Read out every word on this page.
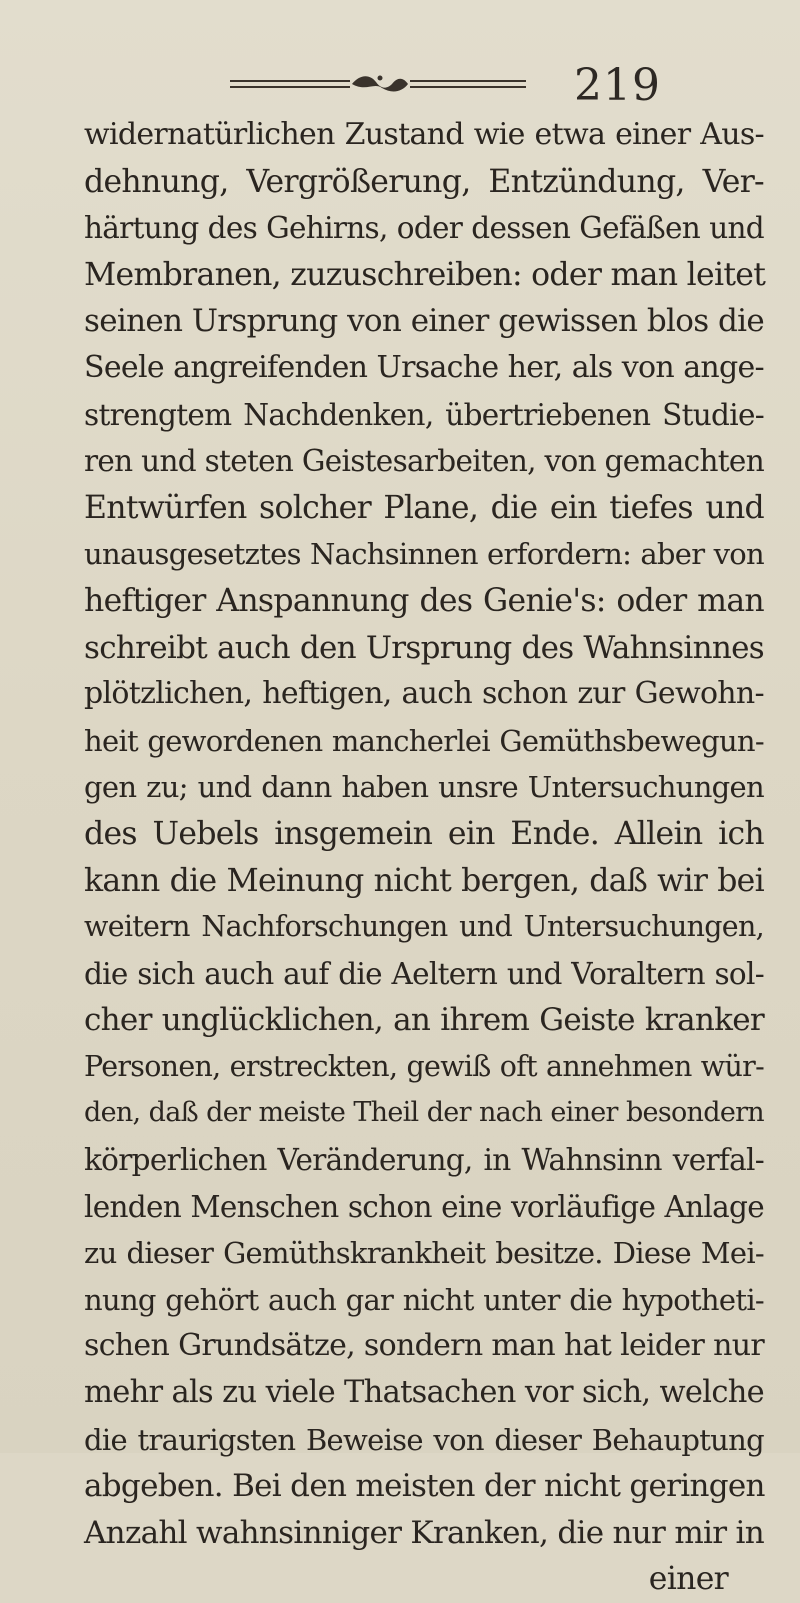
219
widernatürlichen Zustand wie etwa einer Aus-
dehnung, Vergrößerung, Entzündung, Ver-
härtung des Gehirns, oder dessen Gefäßen und
Membranen, zuzuschreiben: oder man leitet
seinen Ursprung von einer gewissen blos die
Seele angreifenden Ursache her, als von ange-
strengtem Nachdenken, übertriebenen Studie-
ren und steten Geistesarbeiten, von gemachten
Entwürfen solcher Plane, die ein tiefes und
unausgesetztes Nachsinnen erfordern: aber von
heftiger Anspannung des Genie's: oder man
schreibt auch den Ursprung des Wahnsinnes
plötzlichen, heftigen, auch schon zur Gewohn-
heit gewordenen mancherlei Gemüthsbewegun-
gen zu; und dann haben unsre Untersuchungen
des Uebels insgemein ein Ende. Allein ich
kann die Meinung nicht bergen, daß wir bei
weitern Nachforschungen und Untersuchungen,
die sich auch auf die Aeltern und Voraltern sol-
cher unglücklichen, an ihrem Geiste kranker
Personen, erstreckten, gewiß oft annehmen wür-
den, daß der meiste Theil der nach einer besondern
körperlichen Veränderung, in Wahnsinn verfal-
lenden Menschen schon eine vorläufige Anlage
zu dieser Gemüthskrankheit besitze. Diese Mei-
nung gehört auch gar nicht unter die hypotheti-
schen Grundsätze, sondern man hat leider nur
mehr als zu viele Thatsachen vor sich, welche
die traurigsten Beweise von dieser Behauptung
abgeben. Bei den meisten der nicht geringen
Anzahl wahnsinniger Kranken, die nur mir in
einer
